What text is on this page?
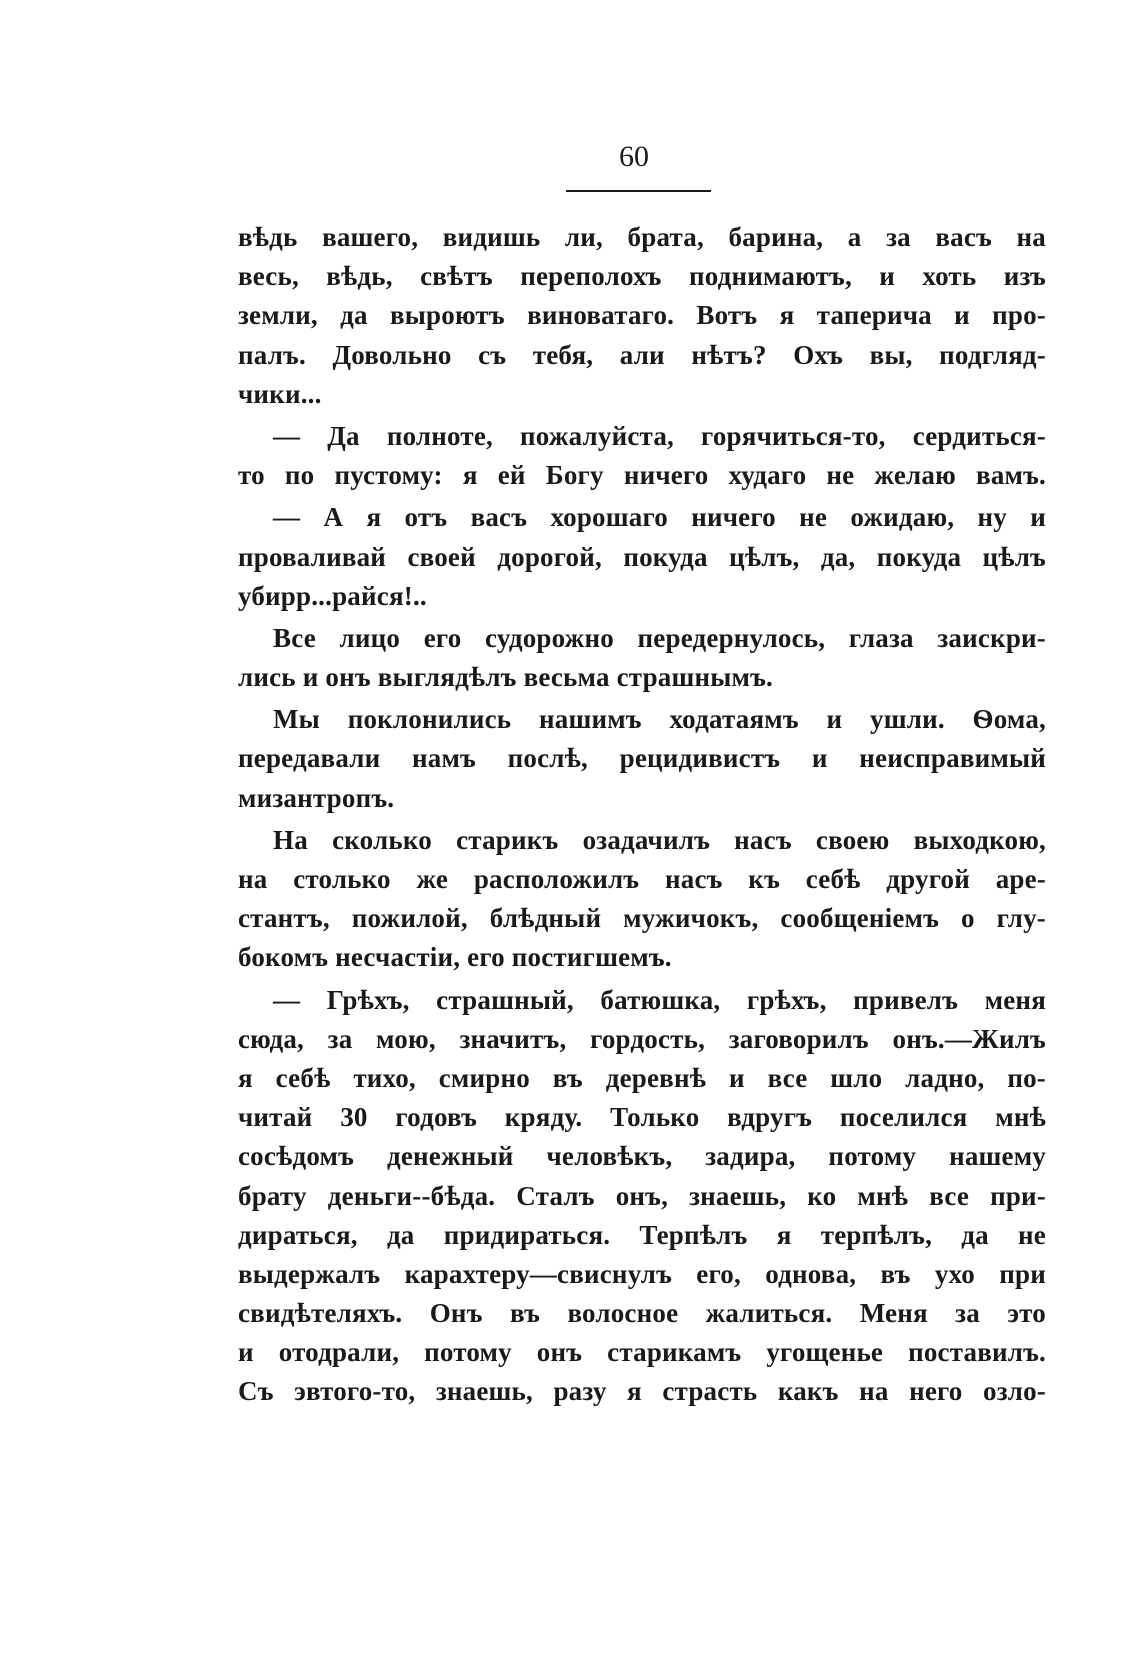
60
вѣдь вашего, видишь ли, брата, барина, а за васъ на
весь, вѣдь, свѣтъ переполохъ поднимаютъ, и хоть изъ
земли, да вырoютъ виноватаго. Вотъ я таперича и про-
палъ. Довольно съ тебя, али нѣтъ? Охъ вы, подгляд-
чики...
— Да полноте, пожалуйста, горячиться-то, сердиться-
то по пустому: я ей Богу ничего худаго не желаю вамъ.
— А я отъ васъ хорошаго ничего не ожидаю, ну и
проваливай своей дорогой, покуда цѣлъ, да, покуда цѣлъ
убирр...райся!..
Все лицо его судорожно передернулось, глаза заискри-
лись и онъ выглядѣлъ весьма страшнымъ.
Мы поклонились нашимъ ходатаямъ и ушли. Ѳома,
передавали намъ послѣ, рецидивистъ и неисправимый
мизантропъ.
На сколько старикъ озадачилъ насъ своею выходкою,
на столько же расположилъ насъ къ себѣ другой аре-
стантъ, пожилой, блѣдный мужичокъ, сообщеніемъ о глу-
бокомъ несчастіи, его постигшемъ.
— Грѣхъ, страшный, батюшка, грѣхъ, привелъ меня
сюда, за мою, значитъ, гордость, заговорилъ онъ.—Жилъ
я себѣ тихо, смирно въ деревнѣ и все шло ладно, по-
читай 30 годовъ кряду. Только вдругъ поселился мнѣ
сосѣдомъ денежный человѣкъ, задира, потому нашему
брату деньги--бѣда. Сталъ онъ, знаешь, ко мнѣ все при-
дираться, да придираться. Терпѣлъ я терпѣлъ, да не
выдержалъ карахтеру—свиснулъ его, однова, въ ухо при
свидѣтеляхъ. Онъ въ волосное жалиться. Меня за это
и отодрали, потому онъ старикамъ угощенье поставилъ.
Съ эвтого-то, знаешь, разу я страсть какъ на него озло-
